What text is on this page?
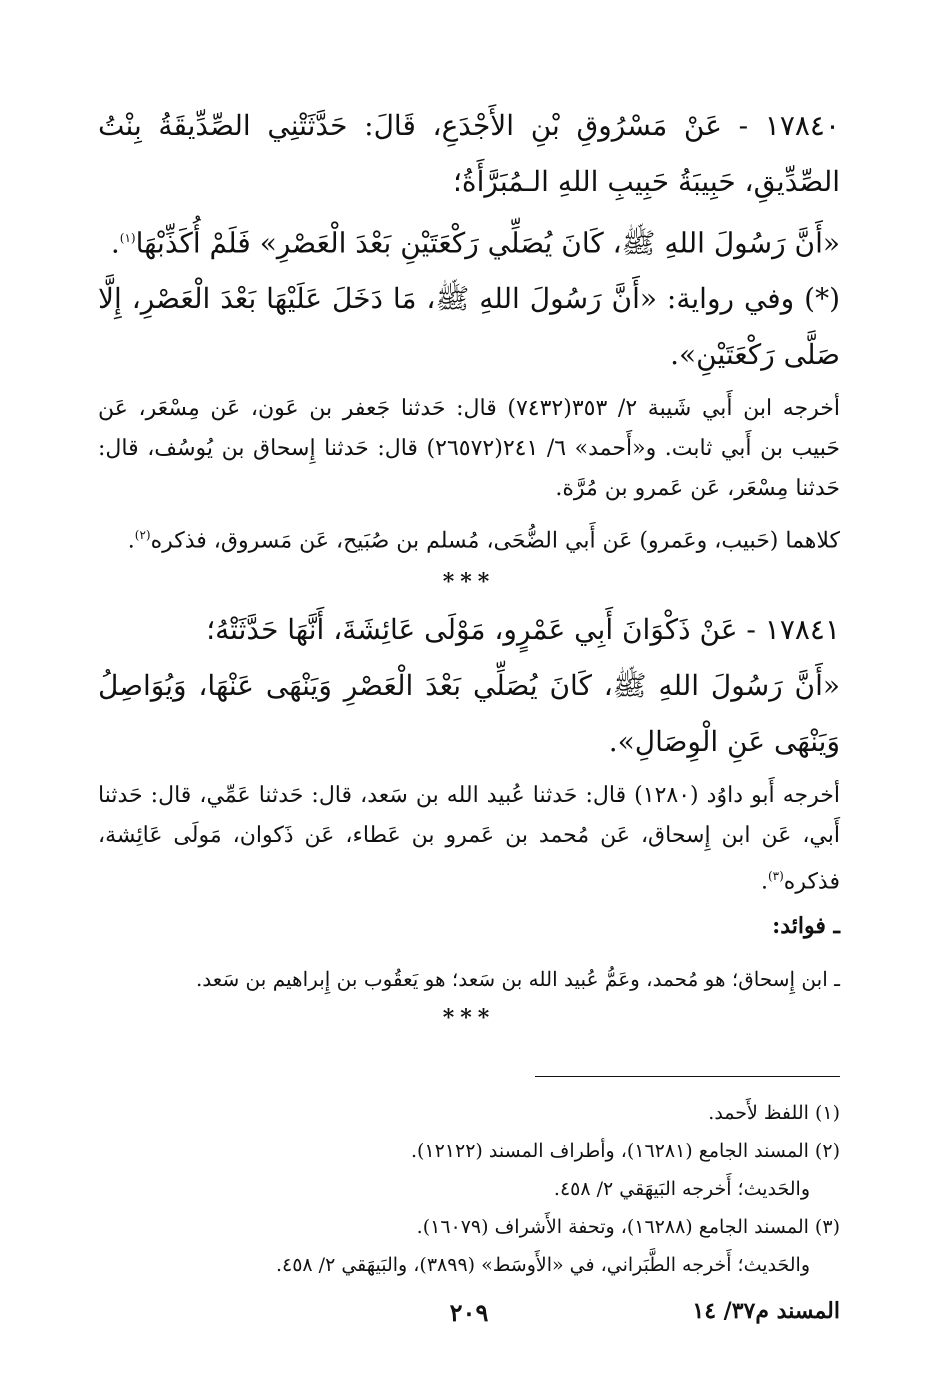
١٧٨٤٠ - عَنْ مَسْرُوقِ بْنِ الأَجْدَعِ، قَالَ: حَدَّثَتْنِي الصِّدِّيقَةُ بِنْتُ الصِّدِّيقِ، حَبِيبَةُ حَبِيبِ اللهِ الـمُبَرَّأَةُ؛

«أَنَّ رَسُولَ اللهِ ﷺ، كَانَ يُصَلِّي رَكْعَتَيْنِ بَعْدَ الْعَصْرِ» فَلَمْ أُكَذِّبْهَا$^{(١)}$.

(*) وفي رواية: «أَنَّ رَسُولَ اللهِ ﷺ، مَا دَخَلَ عَلَيْهَا بَعْدَ الْعَصْرِ، إِلَّا صَلَّى رَكْعَتَيْنِ».

أخرجه ابن أَبي شَيبة ٢/ ٣٥٣(٧٤٣٢) قال: حَدثنا جَعفر بن عَون، عَن مِسْعَر، عَن حَبيب بن أَبي ثابت. و«أَحمد» ٦/ ٢٤١(٢٦٥٧٢) قال: حَدثنا إِسحاق بن يُوسُف، قال: حَدثنا مِسْعَر، عَن عَمرو بن مُرَّة.

كلاهما (حَبيب، وعَمرو) عَن أَبي الضُّحَى، مُسلم بن صُبَيح، عَن مَسروق، فذكره$^{(٢)}$.

***

١٧٨٤١ - عَنْ ذَكْوَانَ أَبِي عَمْرٍو، مَوْلَى عَائِشَةَ، أَنَّهَا حَدَّثَتْهُ؛

«أَنَّ رَسُولَ اللهِ ﷺ، كَانَ يُصَلِّي بَعْدَ الْعَصْرِ وَيَنْهَى عَنْهَا، وَيُوَاصِلُ وَيَنْهَى عَنِ الْوِصَالِ».

أخرجه أَبو داوُد (١٢٨٠) قال: حَدثنا عُبيد الله بن سَعد، قال: حَدثنا عَمِّي، قال: حَدثنا أَبي، عَن ابن إِسحاق، عَن مُحمد بن عَمرو بن عَطاء، عَن ذَكوان، مَولَى عَائِشة، فذكره$^{(٣)}$.

ـ فوائد:

ـ ابن إِسحاق؛ هو مُحمد، وعَمُّ عُبيد الله بن سَعد؛ هو يَعقُوب بن إِبراهيم بن سَعد.

***

(١) اللفظ لأَحمد.

(٢) المسند الجامع (١٦٢٨١)، وأطراف المسند (١٢١٢٢).

والحَديث؛ أَخرجه البَيهَقي ٢/ ٤٥٨.

(٣) المسند الجامع (١٦٢٨٨)، وتحفة الأَشراف (١٦٠٧٩).

والحَديث؛ أَخرجه الطَّبَراني، في «الأَوسَط» (٣٨٩٩)، والبَيهَقي ٢/ ٤٥٨.

المسند م٣٧/ ١٤
٢٠٩
